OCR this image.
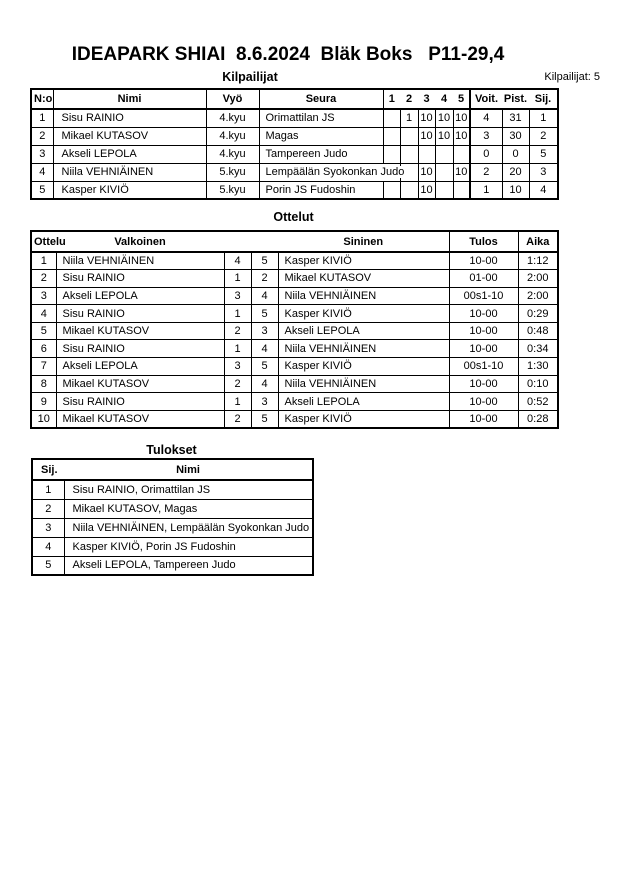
IDEAPARK SHIAI  8.6.2024  Bläk Boks   P11-29,4
Kilpailijat	Kilpailijat: 5
N:o	Nimi	Vyö	Seura	1	2	3	4	5	Voit.	Pist.	Sij.
1	Sisu RAINIO	4.kyu	Orimattilan JS		1	10	10	10	4	31	1
2	Mikael KUTASOV	4.kyu	Magas			10	10	10	3	30	2
3	Akseli LEPOLA	4.kyu	Tampereen Judo						0	0	5
4	Niila VEHNIÄINEN	5.kyu	Lempäälän Syokonkan Judo			10		10	2	20	3
5	Kasper KIVIÖ	5.kyu	Porin JS Fudoshin			10			1	10	4
Ottelut
Ottelu	Valkoinen			Sininen	Tulos	Aika
1	Niila VEHNIÄINEN	4	5	Kasper KIVIÖ	10-00	1:12
2	Sisu RAINIO	1	2	Mikael KUTASOV	01-00	2:00
3	Akseli LEPOLA	3	4	Niila VEHNIÄINEN	00s1-10	2:00
4	Sisu RAINIO	1	5	Kasper KIVIÖ	10-00	0:29
5	Mikael KUTASOV	2	3	Akseli LEPOLA	10-00	0:48
6	Sisu RAINIO	1	4	Niila VEHNIÄINEN	10-00	0:34
7	Akseli LEPOLA	3	5	Kasper KIVIÖ	00s1-10	1:30
8	Mikael KUTASOV	2	4	Niila VEHNIÄINEN	10-00	0:10
9	Sisu RAINIO	1	3	Akseli LEPOLA	10-00	0:52
10	Mikael KUTASOV	2	5	Kasper KIVIÖ	10-00	0:28
Tulokset
Sij.	Nimi
1	Sisu RAINIO, Orimattilan JS
2	Mikael KUTASOV, Magas
3	Niila VEHNIÄINEN, Lempäälän Syokonkan Judo
4	Kasper KIVIÖ, Porin JS Fudoshin
5	Akseli LEPOLA, Tampereen Judo
